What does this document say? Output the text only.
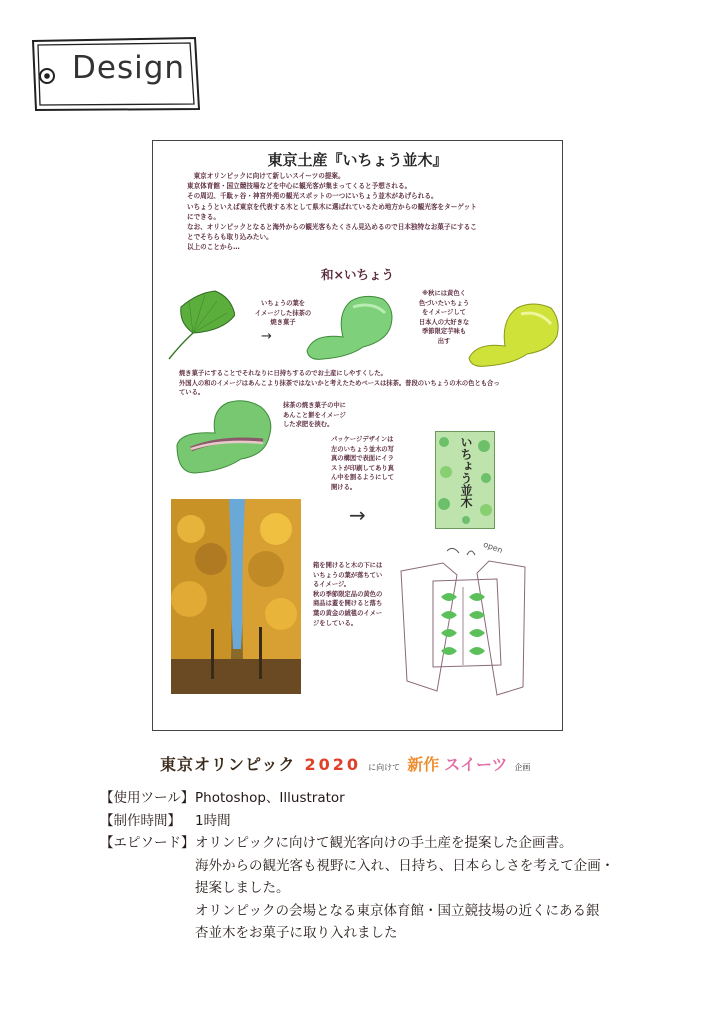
Design
東京土産『いちょう並木』

　東京オリンピックに向けて新しいスイーツの提案。

東京体育館・国立競技場などを中心に観光客が集まってくると予想される。

その周辺、千駄ヶ谷・神宮外苑の観光スポットの一つにいちょう並木があげられる。

いちょうといえば東京を代表する木として県木に選ばれているため地方からの観光客をターゲット

にできる。

なお、オリンピックとなると海外からの観光客もたくさん見込めるので日本独特なお菓子にするこ

とでそちらも取り込みたい。

以上のことから…

和×いちょう
いちょうの葉を
イメージした抹茶の
焼き菓子
→
※秋には黄色く
色づいたいちょう
をイメージして
日本人の大好きな
季節限定芋味も
出す
焼き菓子にすることでそれなりに日持ちするのでお土産にしやすくした。
外国人の和のイメージはあんこより抹茶ではないかと考えたためベースは抹茶。普段のいちょうの木の色とも合っ
ている。
抹茶の焼き菓子の中に
あんこと餅をイメージ
した求肥を挟む。
パッケージデザインは
左のいちょう並木の写
真の構図で表面にイラ
ストが印刷してあり真
ん中を割るようにして
開ける。	いちょう並木
→
箱を開けると木の下には
いちょうの葉が落ちてい
るイメージ。
秋の季節限定品の黄色の
商品は蓋を開けると落ち
葉の黄金の絨毯のイメー
ジをしている。
open
東京オリンピック 2020 に向けて 新作 スイーツ 企画
【使用ツール】 Photoshop、Illustrator

【制作時間】	1時間

【エピソード】 オリンピックに向けて観光客向けの手土産を提案した企画書。

海外からの観光客も視野に入れ、日持ち、日本らしさを考えて企画・

提案しました。

オリンピックの会場となる東京体育館・国立競技場の近くにある銀

杏並木をお菓子に取り入れました
